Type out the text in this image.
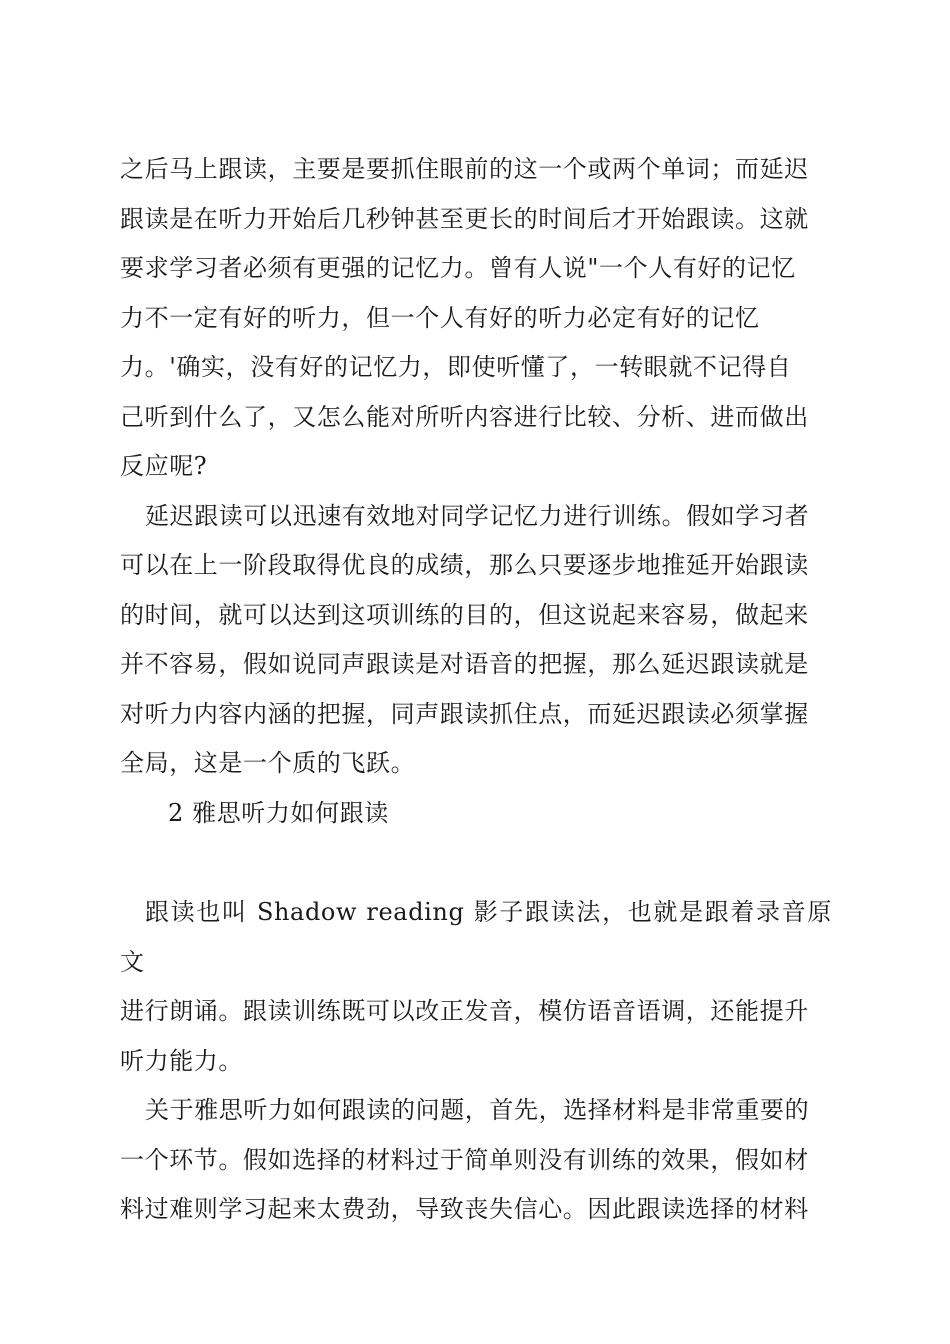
之后马上跟读，主要是要抓住眼前的这一个或两个单词；而延迟
跟读是在听力开始后几秒钟甚至更长的时间后才开始跟读。这就
要求学习者必须有更强的记忆力。曾有人说"一个人有好的记忆
力不一定有好的听力，但一个人有好的听力必定有好的记忆
力。'确实，没有好的记忆力，即使听懂了，一转眼就不记得自
己听到什么了，又怎么能对所听内容进行比较、分析、进而做出
反应呢?
延迟跟读可以迅速有效地对同学记忆力进行训练。假如学习者
可以在上一阶段取得优良的成绩，那么只要逐步地推延开始跟读
的时间，就可以达到这项训练的目的，但这说起来容易，做起来
并不容易，假如说同声跟读是对语音的把握，那么延迟跟读就是
对听力内容内涵的把握，同声跟读抓住点，而延迟跟读必须掌握
全局，这是一个质的飞跃。
2 雅思听力如何跟读
跟读也叫 Shadow reading 影子跟读法，也就是跟着录音原文
进行朗诵。跟读训练既可以改正发音，模仿语音语调，还能提升
听力能力。
关于雅思听力如何跟读的问题，首先，选择材料是非常重要的
一个环节。假如选择的材料过于简单则没有训练的效果，假如材
料过难则学习起来太费劲，导致丧失信心。因此跟读选择的材料
